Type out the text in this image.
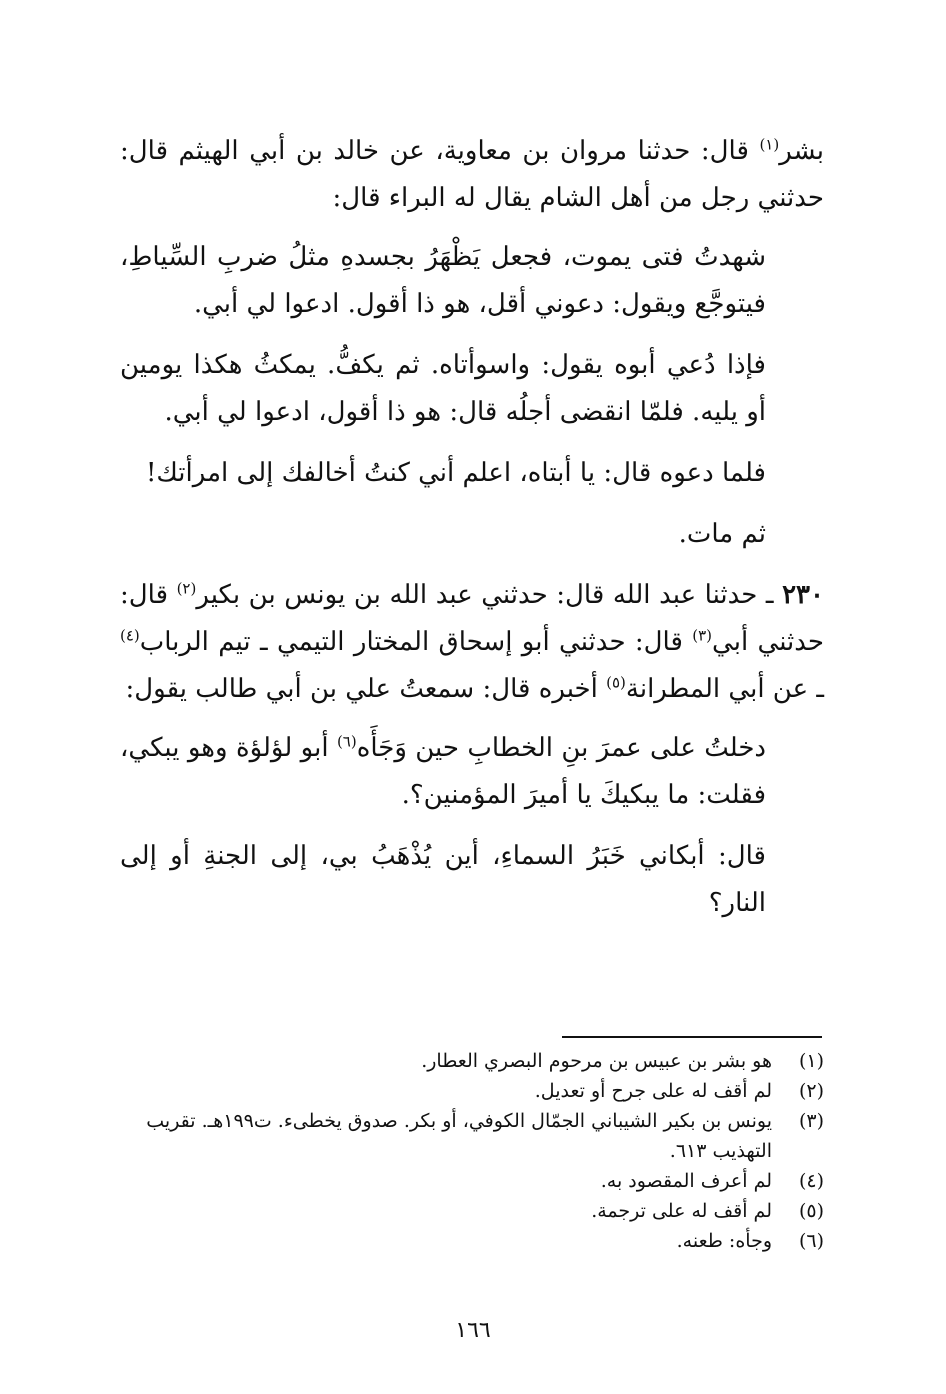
بشر$^{(١)}$ قال: حدثنا مروان بن معاوية، عن خالد بن أبي الهيثم قال: حدثني رجل من أهل الشام يقال له البراء قال:

شهدتُ فتى يموت، فجعل يَظْهَرُ بجسدهِ مثلُ ضربِ السِّياطِ، فيتوجَّع ويقول: دعوني أقل، هو ذا أقول. ادعوا لي أبي.

فإذا دُعي أبوه يقول: واسوأتاه. ثم يكفُّ. يمكثُ هكذا يومين أو يليه. فلمّا انقضى أجلُه قال: هو ذا أقول، ادعوا لي أبي.

فلما دعوه قال: يا أبتاه، اعلم أني كنتُ أخالفك إلى امرأتك!

ثم مات.

٢٣٠ ـ حدثنا عبد الله قال: حدثني عبد الله بن يونس بن بكير$^{(٢)}$ قال: حدثني أبي$^{(٣)}$ قال: حدثني أبو إسحاق المختار التيمي ـ تيم الرباب$^{(٤)}$ ـ عن أبي المطرانة$^{(٥)}$ أخبره قال: سمعتُ علي بن أبي طالب يقول:

دخلتُ على عمرَ بنِ الخطابِ حين وَجَأَه$^{(٦)}$ أبو لؤلؤة وهو يبكي، فقلت: ما يبكيكَ يا أميرَ المؤمنين؟.

قال: أبكاني خَبَرُ السماءِ، أين يُذْهَبُ بي، إلى الجنةِ أو إلى النار؟

(١)
هو بشر بن عبيس بن مرحوم البصري العطار.
(٢)
لم أقف له على جرح أو تعديل.
(٣)
يونس بن بكير الشيباني الجمّال الكوفي، أو بكر. صدوق يخطىء. ت١٩٩هـ. تقريب التهذيب ٦١٣.
(٤)
لم أعرف المقصود به.
(٥)
لم أقف له على ترجمة.
(٦)
وجأه: طعنه.
١٦٦
